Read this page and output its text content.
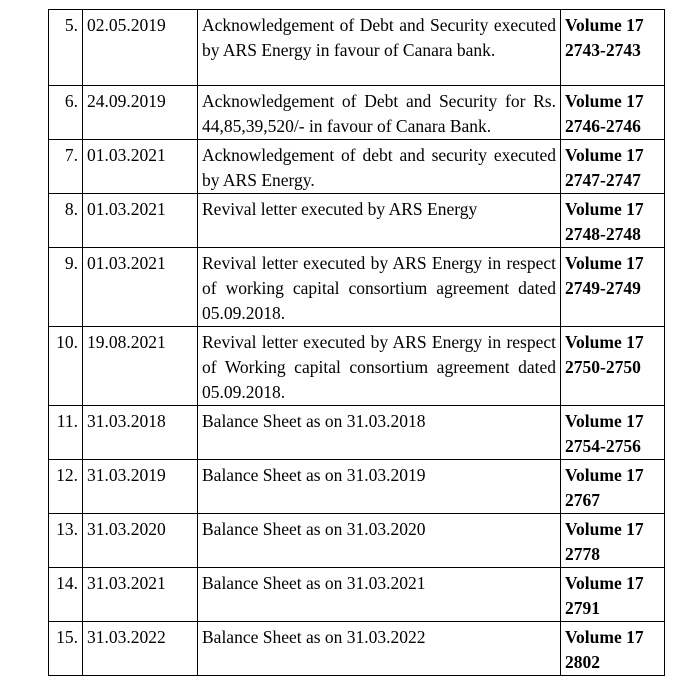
5.	02.05.2019	Acknowledgement of Debt and Security executed by ARS Energy in favour of Canara bank.	Volume 17
2743-2743

6.	24.09.2019	Acknowledgement of Debt and Security for Rs. 44,85,39,520/- in favour of Canara Bank.	Volume 17
2746-2746

7.	01.03.2021	Acknowledgement of debt and security executed by ARS Energy.	Volume 17
2747-2747

8.	01.03.2021	Revival letter executed by ARS Energy	Volume 17
2748-2748

9.	01.03.2021	Revival letter executed by ARS Energy in respect of working capital consortium agreement dated 05.09.2018.	Volume 17
2749-2749

10.	19.08.2021	Revival letter executed by ARS Energy in respect of Working capital consortium agreement dated 05.09.2018.	Volume 17
2750-2750

11.	31.03.2018	Balance Sheet as on 31.03.2018	Volume 17
2754-2756

12.	31.03.2019	Balance Sheet as on 31.03.2019	Volume 17
2767

13.	31.03.2020	Balance Sheet as on 31.03.2020	Volume 17
2778

14.	31.03.2021	Balance Sheet as on 31.03.2021	Volume 17
2791

15.	31.03.2022	Balance Sheet as on 31.03.2022	Volume 17
2802
